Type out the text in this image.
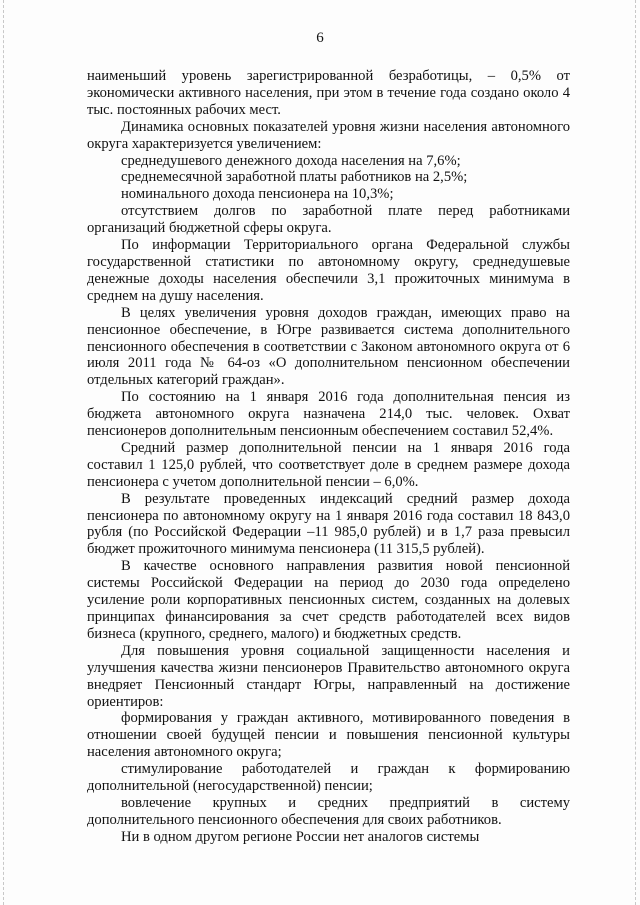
6

наименьший уровень зарегистрированной безработицы, – 0,5% от экономически активного населения, при этом в течение года создано около 4 тыс. постоянных рабочих мест.

Динамика основных показателей уровня жизни населения автономного округа характеризуется увеличением:

среднедушевого денежного дохода населения на 7,6%;

среднемесячной заработной платы работников на 2,5%;

номинального дохода пенсионера на 10,3%;

отсутствием долгов по заработной плате перед работниками организаций бюджетной сферы округа.

По информации Территориального органа Федеральной службы государственной статистики по автономному округу, среднедушевые денежные доходы населения обеспечили 3,1 прожиточных минимума в среднем на душу населения.

В целях увеличения уровня доходов граждан, имеющих право на пенсионное обеспечение, в Югре развивается система дополнительного пенсионного обеспечения в соответствии с Законом автономного округа от 6 июля 2011 года № 64-оз «О дополнительном пенсионном обеспечении отдельных категорий граждан».

По состоянию на 1 января 2016 года дополнительная пенсия из бюджета автономного округа назначена 214,0 тыс. человек. Охват пенсионеров дополнительным пенсионным обеспечением составил 52,4%.

Средний размер дополнительной пенсии на 1 января 2016 года составил 1 125,0 рублей, что соответствует доле в среднем размере дохода пенсионера с учетом дополнительной пенсии – 6,0%.

В результате проведенных индексаций средний размер дохода пенсионера по автономному округу на 1 января 2016 года составил 18 843,0 рубля (по Российской Федерации –11 985,0 рублей) и в 1,7 раза превысил бюджет прожиточного минимума пенсионера (11 315,5 рублей).

В качестве основного направления развития новой пенсионной системы Российской Федерации на период до 2030 года определено усиление роли корпоративных пенсионных систем, созданных на долевых принципах финансирования за счет средств работодателей всех видов бизнеса (крупного, среднего, малого) и бюджетных средств.

Для повышения уровня социальной защищенности населения и улучшения качества жизни пенсионеров Правительство автономного округа внедряет Пенсионный стандарт Югры, направленный на достижение ориентиров:

формирования у граждан активного, мотивированного поведения в отношении своей будущей пенсии и повышения пенсионной культуры населения автономного округа;

стимулирование работодателей и граждан к формированию дополнительной (негосударственной) пенсии;

вовлечение крупных и средних предприятий в систему дополнительного пенсионного обеспечения для своих работников.

Ни в одном другом регионе России нет аналогов системы
